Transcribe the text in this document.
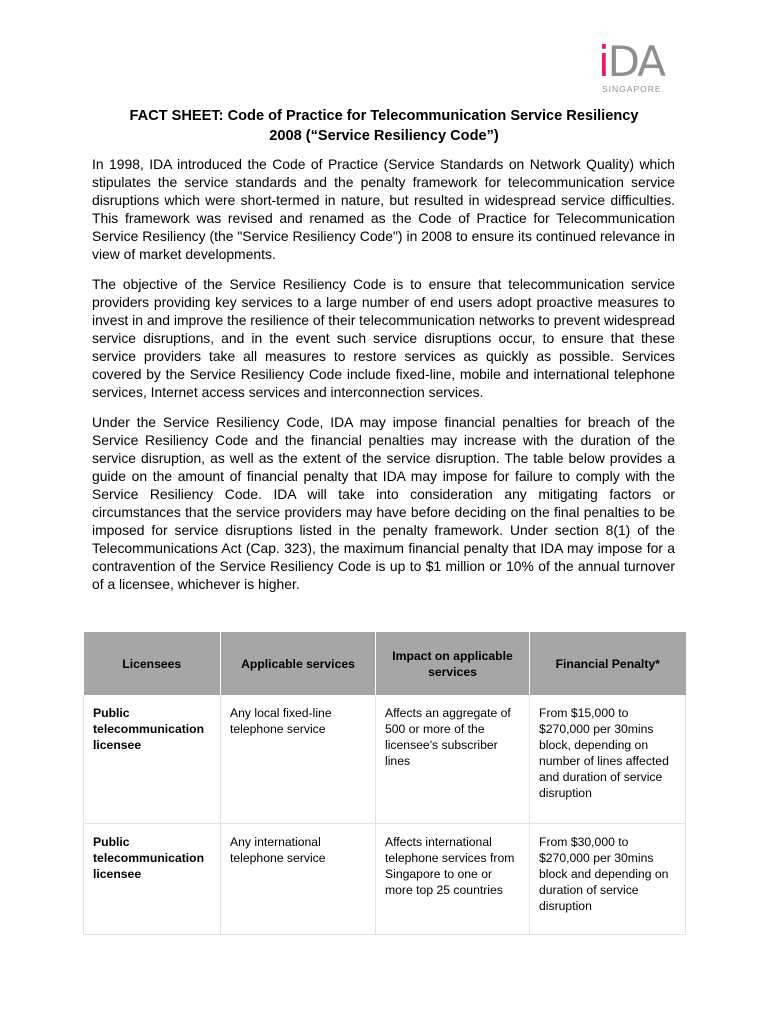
iDA
SINGAPORE
FACT SHEET: Code of Practice for Telecommunication Service Resiliency
2008 (“Service Resiliency Code”)

In 1998, IDA introduced the Code of Practice (Service Standards on Network Quality) which stipulates the service standards and the penalty framework for telecommunication service disruptions which were short-termed in nature, but resulted in widespread service difficulties. This framework was revised and renamed as the Code of Practice for Telecommunication Service Resiliency (the "Service Resiliency Code") in 2008 to ensure its continued relevance in view of market developments.

The objective of the Service Resiliency Code is to ensure that telecommunication service providers providing key services to a large number of end users adopt proactive measures to invest in and improve the resilience of their telecommunication networks to prevent widespread service disruptions, and in the event such service disruptions occur, to ensure that these service providers take all measures to restore services as quickly as possible. Services covered by the Service Resiliency Code include fixed-line, mobile and international telephone services, Internet access services and interconnection services.

Under the Service Resiliency Code, IDA may impose financial penalties for breach of the Service Resiliency Code and the financial penalties may increase with the duration of the service disruption, as well as the extent of the service disruption. The table below provides a guide on the amount of financial penalty that IDA may impose for failure to comply with the Service Resiliency Code. IDA will take into consideration any mitigating factors or circumstances that the service providers may have before deciding on the final penalties to be imposed for service disruptions listed in the penalty framework. Under section 8(1) of the Telecommunications Act (Cap. 323), the maximum financial penalty that IDA may impose for a contravention of the Service Resiliency Code is up to $1 million or 10% of the annual turnover of a licensee, whichever is higher.

Licensees	Applicable services	Impact on applicable services	Financial Penalty*
Public telecommunication licensee	Any local fixed-line telephone service	Affects an aggregate of 500 or more of the licensee's subscriber lines	From $15,000 to $270,000 per 30mins block, depending on number of lines affected and duration of service disruption
Public telecommunication licensee	Any international telephone service	Affects international telephone services from Singapore to one or more top 25 countries	From $30,000 to $270,000 per 30mins block and depending on duration of service disruption
